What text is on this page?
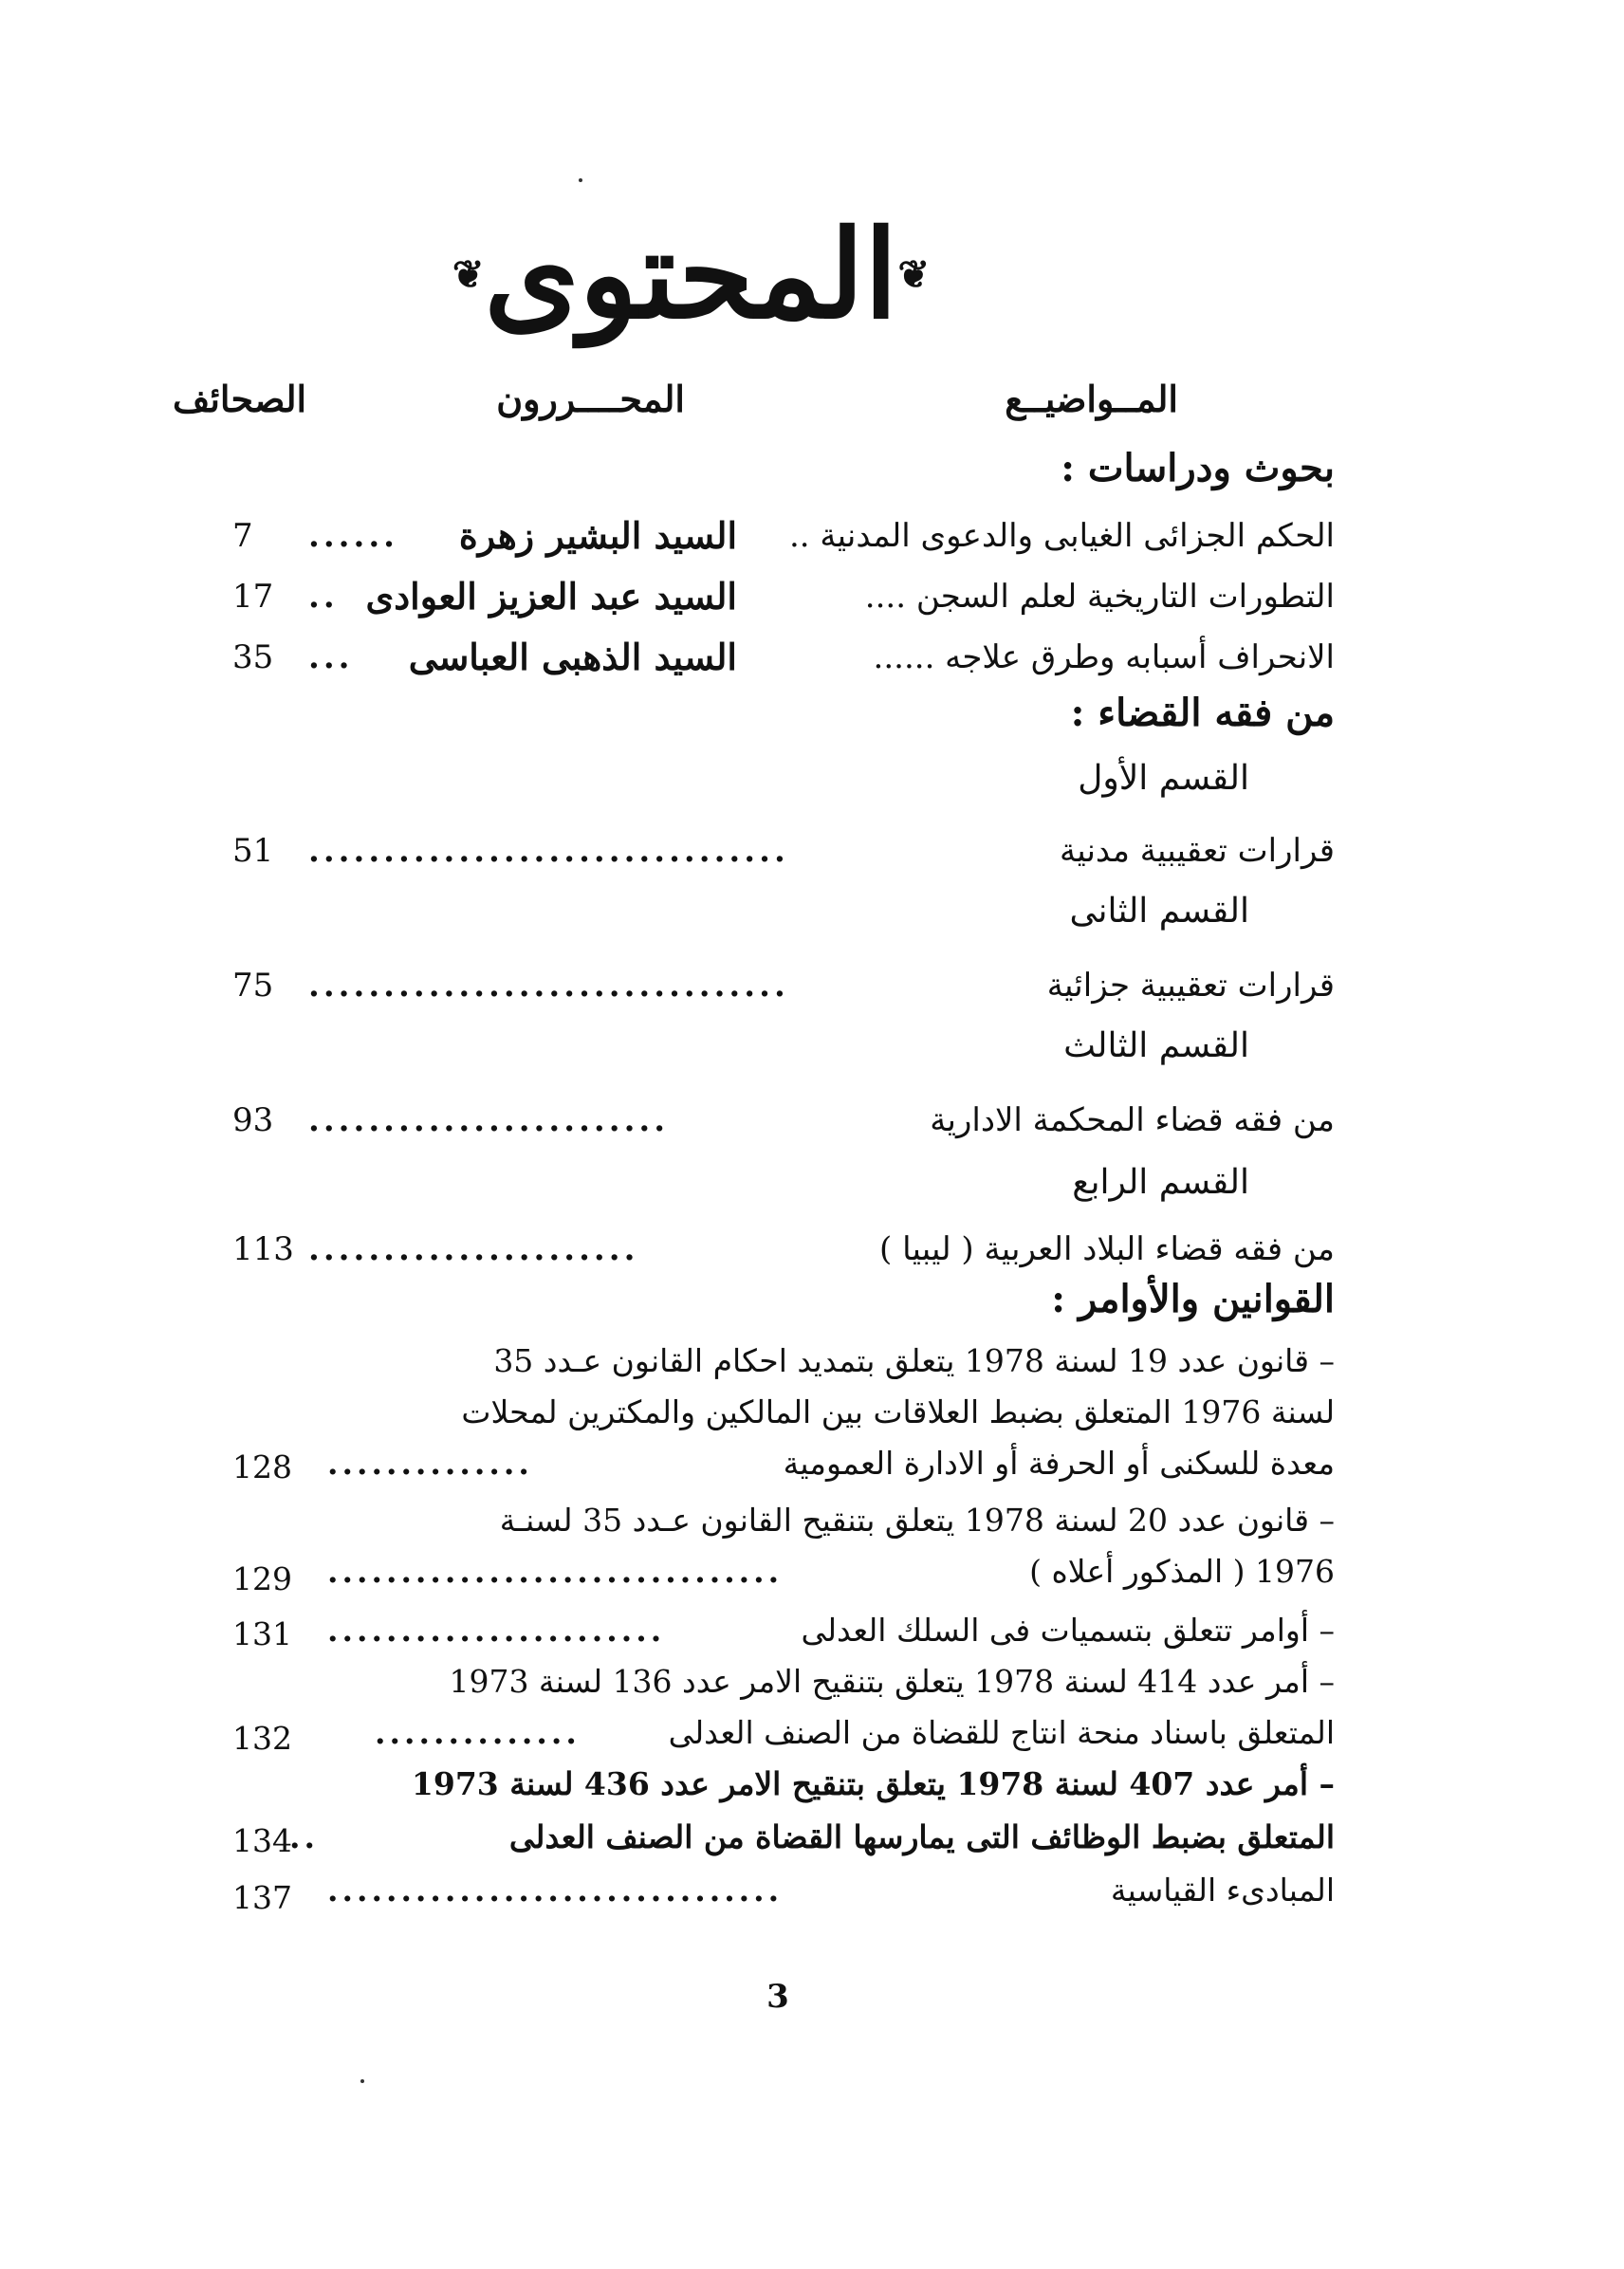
❦المحتوى❦
المــواضيــع
المحــــررون
الصحائف
بحوث ودراسات :
الحكم الجزائى الغيابى والدعوى المدنية ..
السيد البشير زهرة
......
7
التطورات التاريخية لعلم السجن ....
السيد عبد العزيز العوادى
..
17
الانحراف أسبابه وطرق علاجه ......
السيد الذهبى العباسى
...
35
من فقه القضاء :
القسم الأول
قرارات تعقيبية مدنية
................................
51
القسم الثانى
قرارات تعقيبية جزائية
................................
75
القسم الثالث
من فقه قضاء المحكمة الادارية
........................
93
القسم الرابع
من فقه قضاء البلاد العربية ( ليبيا )
......................
113
القوانين والأوامر :
– قانون عدد 19 لسنة 1978 يتعلق بتمديد احكام القانون عـدد 35
لسنة 1976 المتعلق بضبط العلاقات بين المالكين والمكترين لمحلات
معدة للسكنى أو الحرفة أو الادارة العمومية
..............
128
– قانون عدد 20 لسنة 1978 يتعلق بتنقيح القانون عـدد 35 لسنـة
1976 ( المذكور أعلاه )
...............................
129
– أوامر تتعلق بتسميات فى السلك العدلى
.......................
131
– أمر عدد 414 لسنة 1978 يتعلق بتنقيح الامر عدد 136 لسنة 1973
المتعلق باسناد منحة انتاج للقضاة من الصنف العدلى
..............
132
– أمر عدد 407 لسنة 1978 يتعلق بتنقيح الامر عدد 436 لسنة 1973
المتعلق بضبط الوظائف التى يمارسها القضاة من الصنف العدلى
..
134
المبادىء القياسية
...............................
137
3
